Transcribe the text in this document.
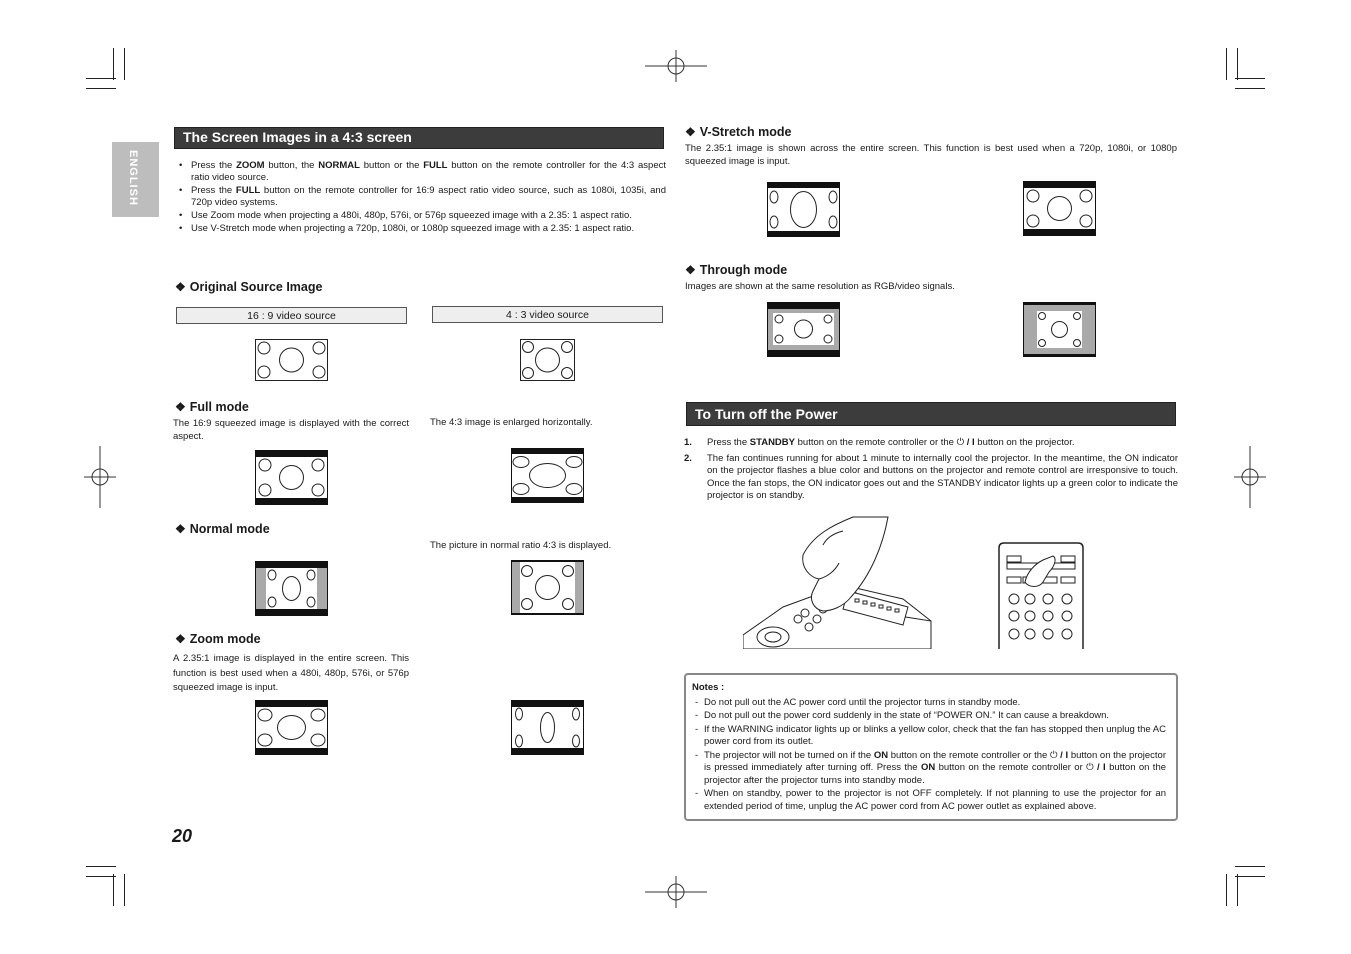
ENGLISH
The Screen Images in a 4:3 screen
• Press the ZOOM button, the NORMAL button or the FULL button on the remote controller for the 4:3 aspect ratio video source.
• Press the FULL button on the remote controller for 16:9 aspect ratio video source, such as 1080i, 1035i, and 720p video systems.
• Use Zoom mode when projecting a 480i, 480p, 576i, or 576p squeezed image with a 2.35: 1 aspect ratio.
• Use V-Stretch mode when projecting a 720p, 1080i, or 1080p squeezed image with a 2.35: 1 aspect ratio.
❖ Original Source Image
16 : 9 video source	4 : 3 video source
❖ Full mode
The 16:9 squeezed image is displayed with the correct aspect.
The 4:3 image is enlarged horizontally.
❖ Normal mode
The picture in normal ratio 4:3 is displayed.
❖ Zoom mode
A 2.35:1 image is displayed in the entire screen. This function is best used when a 480i, 480p, 576i, or 576p squeezed image is input.
20
❖ V-Stretch mode
The 2.35:1 image is shown across the entire screen. This function is best used when a 720p, 1080i, or 1080p squeezed image is input.
❖ Through mode
Images are shown at the same resolution as RGB/video signals.
To Turn off the Power
1. Press the STANDBY button on the remote controller or the ⏻ / I button on the projector.
2. The fan continues running for about 1 minute to internally cool the projector. In the meantime, the ON indicator on the projector flashes a blue color and buttons on the projector and remote control are irresponsive to touch. Once the fan stops, the ON indicator goes out and the STANDBY indicator lights up a green color to indicate the projector is on standby.
Notes :
- Do not pull out the AC power cord until the projector turns in standby mode.
- Do not pull out the power cord suddenly in the state of “POWER ON.” It can cause a breakdown.
- If the WARNING indicator lights up or blinks a yellow color, check that the fan has stopped then unplug the AC power cord from its outlet.
- The projector will not be turned on if the ON button on the remote controller or the ⏻ / I button on the projector is pressed immediately after turning off. Press the ON button on the remote controller or ⏻ / I button on the projector after the projector turns into standby mode.
- When on standby, power to the projector is not OFF completely. If not planning to use the projector for an extended period of time, unplug the AC power cord from AC power outlet as explained above.
